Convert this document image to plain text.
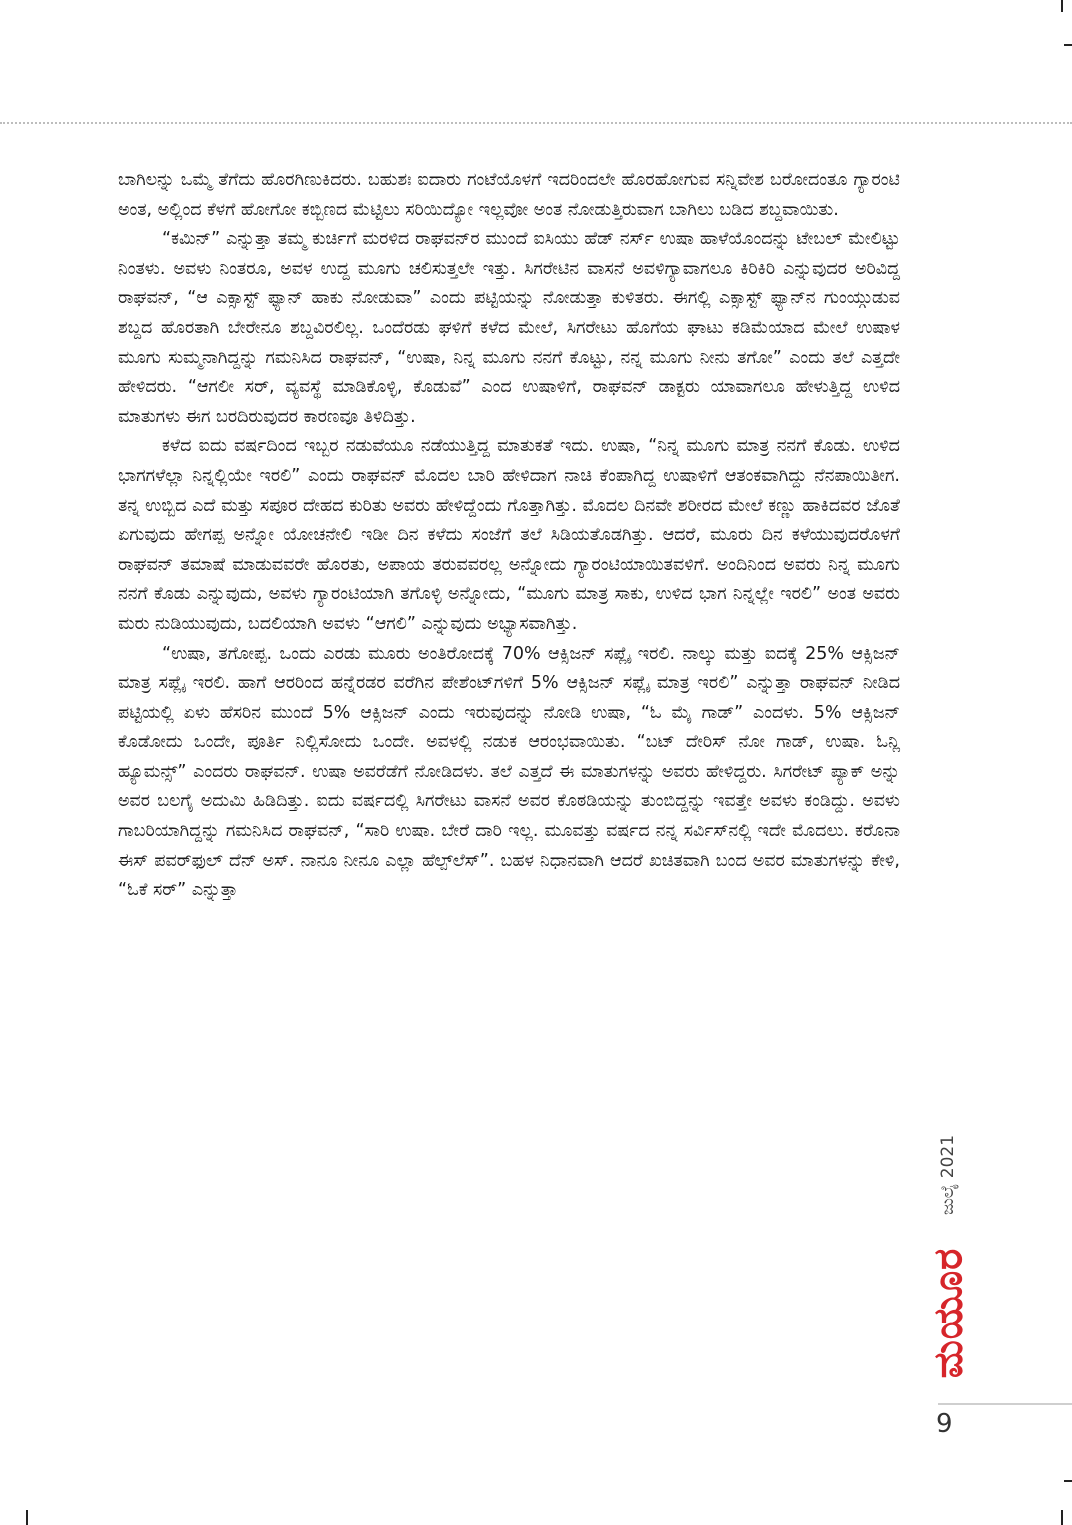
ಬಾಗಿಲನ್ನು ಒಮ್ಮೆ ತೆಗೆದು ಹೊರಗಿಣುಕಿದರು. ಬಹುಶಃ ಐದಾರು ಗಂಟೆಯೊಳಗೆ ಇದರಿಂದಲೇ ಹೊರಹೋಗುವ ಸನ್ನಿವೇಶ ಬರೋದಂತೂ ಗ್ಯಾರಂಟಿ ಅಂತ, ಅಲ್ಲಿಂದ ಕೆಳಗೆ ಹೋಗೋ ಕಬ್ಬಿಣದ ಮೆಟ್ಟಿಲು ಸರಿಯಿದ್ಯೋ ಇಲ್ಲವೋ ಅಂತ ನೋಡುತ್ತಿರುವಾಗ ಬಾಗಿಲು ಬಡಿದ ಶಬ್ದವಾಯಿತು.

“ಕಮಿನ್” ಎನ್ನುತ್ತಾ ತಮ್ಮ ಕುರ್ಚಿಗೆ ಮರಳಿದ ರಾಘವನ್‌ರ ಮುಂದೆ ಐಸಿಯು ಹೆಡ್ ನರ್ಸ್ ಉಷಾ ಹಾಳೆಯೊಂದನ್ನು ಟೇಬಲ್ ಮೇಲಿಟ್ಟು ನಿಂತಳು. ಅವಳು ನಿಂತರೂ, ಅವಳ ಉದ್ದ ಮೂಗು ಚಲಿಸುತ್ತಲೇ ಇತ್ತು. ಸಿಗರೇಟಿನ ವಾಸನೆ ಅವಳಿಗ್ಯಾವಾಗಲೂ ಕಿರಿಕಿರಿ ಎನ್ನುವುದರ ಅರಿವಿದ್ದ ರಾಘವನ್, “ಆ ಎಕ್ಸಾಸ್ಟ್ ಫ್ಯಾನ್ ಹಾಕು ನೋಡುವಾ” ಎಂದು ಪಟ್ಟಿಯನ್ನು ನೋಡುತ್ತಾ ಕುಳಿತರು. ಈಗಲ್ಲಿ ಎಕ್ಸಾಸ್ಟ್ ಫ್ಯಾನ್‌ನ ಗುಂಯ್ಗುಡುವ ಶಬ್ದದ ಹೊರತಾಗಿ ಬೇರೇನೂ ಶಬ್ದವಿರಲಿಲ್ಲ. ಒಂದೆರಡು ಘಳಿಗೆ ಕಳೆದ ಮೇಲೆ, ಸಿಗರೇಟು ಹೊಗೆಯ ಘಾಟು ಕಡಿಮೆಯಾದ ಮೇಲೆ ಉಷಾಳ ಮೂಗು ಸುಮ್ಮನಾಗಿದ್ದನ್ನು ಗಮನಿಸಿದ ರಾಘವನ್, “ಉಷಾ, ನಿನ್ನ ಮೂಗು ನನಗೆ ಕೊಟ್ಟು, ನನ್ನ ಮೂಗು ನೀನು ತಗೋ” ಎಂದು ತಲೆ ಎತ್ತದೇ ಹೇಳಿದರು. “ಆಗಲೀ ಸರ್, ವ್ಯವಸ್ಥೆ ಮಾಡಿಕೊಳ್ಳಿ, ಕೊಡುವೆ” ಎಂದ ಉಷಾಳಿಗೆ, ರಾಘವನ್ ಡಾಕ್ಟರು ಯಾವಾಗಲೂ ಹೇಳುತ್ತಿದ್ದ ಉಳಿದ ಮಾತುಗಳು ಈಗ ಬರದಿರುವುದರ ಕಾರಣವೂ ತಿಳಿದಿತ್ತು.

ಕಳೆದ ಐದು ವರ್ಷದಿಂದ ಇಬ್ಬರ ನಡುವೆಯೂ ನಡೆಯುತ್ತಿದ್ದ ಮಾತುಕತೆ ಇದು. ಉಷಾ, “ನಿನ್ನ ಮೂಗು ಮಾತ್ರ ನನಗೆ ಕೊಡು. ಉಳಿದ ಭಾಗಗಳೆಲ್ಲಾ ನಿನ್ನಲ್ಲಿಯೇ ಇರಲಿ” ಎಂದು ರಾಘವನ್ ಮೊದಲ ಬಾರಿ ಹೇಳಿದಾಗ ನಾಚಿ ಕೆಂಪಾಗಿದ್ದ ಉಷಾಳಿಗೆ ಆತಂಕವಾಗಿದ್ದು ನೆನಪಾಯಿತೀಗ. ತನ್ನ ಉಬ್ಬಿದ ಎದೆ ಮತ್ತು ಸಪೂರ ದೇಹದ ಕುರಿತು ಅವರು ಹೇಳಿದ್ದೆಂದು ಗೊತ್ತಾಗಿತ್ತು. ಮೊದಲ ದಿನವೇ ಶರೀರದ ಮೇಲೆ ಕಣ್ಣು ಹಾಕಿದವರ ಜೊತೆ ಏಗುವುದು ಹೇಗಪ್ಪ ಅನ್ನೋ ಯೋಚನೇಲಿ ಇಡೀ ದಿನ ಕಳೆದು ಸಂಜೆಗೆ ತಲೆ ಸಿಡಿಯತೊಡಗಿತ್ತು. ಆದರೆ, ಮೂರು ದಿನ ಕಳೆಯುವುದರೊಳಗೆ ರಾಘವನ್ ತಮಾಷೆ ಮಾಡುವವರೇ ಹೊರತು, ಅಪಾಯ ತರುವವರಲ್ಲ ಅನ್ನೋದು ಗ್ಯಾರಂಟಿಯಾಯಿತವಳಿಗೆ. ಅಂದಿನಿಂದ ಅವರು ನಿನ್ನ ಮೂಗು ನನಗೆ ಕೊಡು ಎನ್ನುವುದು, ಅವಳು ಗ್ಯಾರಂಟಿಯಾಗಿ ತಗೊಳ್ಳಿ ಅನ್ನೋದು, “ಮೂಗು ಮಾತ್ರ ಸಾಕು, ಉಳಿದ ಭಾಗ ನಿನ್ನಲ್ಲೇ ಇರಲಿ” ಅಂತ ಅವರು ಮರು ನುಡಿಯುವುದು, ಬದಲಿಯಾಗಿ ಅವಳು “ಆಗಲಿ” ಎನ್ನುವುದು ಅಭ್ಯಾಸವಾಗಿತ್ತು.

“ಉಷಾ, ತಗೋಪ್ಪ. ಒಂದು ಎರಡು ಮೂರು ಅಂತಿರೋದಕ್ಕೆ 70% ಆಕ್ಸಿಜನ್ ಸಪ್ಲೈ ಇರಲಿ. ನಾಲ್ಕು ಮತ್ತು ಐದಕ್ಕೆ 25% ಆಕ್ಸಿಜನ್ ಮಾತ್ರ ಸಪ್ಲೈ ಇರಲಿ. ಹಾಗೆ ಆರರಿಂದ ಹನ್ನೆರಡರ ವರೆಗಿನ ಪೇಶೆಂಟ್‌ಗಳಿಗೆ 5% ಆಕ್ಸಿಜನ್ ಸಪ್ಲೈ ಮಾತ್ರ ಇರಲಿ” ಎನ್ನುತ್ತಾ ರಾಘವನ್ ನೀಡಿದ ಪಟ್ಟಿಯಲ್ಲಿ ಏಳು ಹೆಸರಿನ ಮುಂದೆ 5% ಆಕ್ಸಿಜನ್ ಎಂದು ಇರುವುದನ್ನು ನೋಡಿ ಉಷಾ, “ಓ ಮೈ ಗಾಡ್” ಎಂದಳು. 5% ಆಕ್ಸಿಜನ್ ಕೊಡೋದು ಒಂದೇ, ಪೂರ್ತಿ ನಿಲ್ಲಿಸೋದು ಒಂದೇ. ಅವಳಲ್ಲಿ ನಡುಕ ಆರಂಭವಾಯಿತು. “ಬಟ್ ದೇರಿಸ್ ನೋ ಗಾಡ್, ಉಷಾ. ಓನ್ಲಿ ಹ್ಯೂಮನ್ಸ್” ಎಂದರು ರಾಘವನ್. ಉಷಾ ಅವರೆಡೆಗೆ ನೋಡಿದಳು. ತಲೆ ಎತ್ತದೆ ಈ ಮಾತುಗಳನ್ನು ಅವರು ಹೇಳಿದ್ದರು. ಸಿಗರೇಟ್ ಪ್ಯಾಕ್ ಅನ್ನು ಅವರ ಬಲಗೈ ಅದುಮಿ ಹಿಡಿದಿತ್ತು. ಐದು ವರ್ಷದಲ್ಲಿ ಸಿಗರೇಟು ವಾಸನೆ ಅವರ ಕೊಠಡಿಯನ್ನು ತುಂಬಿದ್ದನ್ನು ಇವತ್ತೇ ಅವಳು ಕಂಡಿದ್ದು. ಅವಳು ಗಾಬರಿಯಾಗಿದ್ದನ್ನು ಗಮನಿಸಿದ ರಾಘವನ್, “ಸಾರಿ ಉಷಾ. ಬೇರೆ ದಾರಿ ಇಲ್ಲ. ಮೂವತ್ತು ವರ್ಷದ ನನ್ನ ಸರ್ವಿಸ್‌ನಲ್ಲಿ ಇದೇ ಮೊದಲು. ಕರೊನಾ ಈಸ್ ಪವರ್‌ಫುಲ್ ದೆನ್ ಅಸ್. ನಾನೂ ನೀನೂ ಎಲ್ಲಾ ಹೆಲ್ಪ್‌ಲೆಸ್”. ಬಹಳ ನಿಧಾನವಾಗಿ ಆದರೆ ಖಚಿತವಾಗಿ ಬಂದ ಅವರ ಮಾತುಗಳನ್ನು ಕೇಳಿ, “ಓಕೆ ಸರ್” ಎನ್ನುತ್ತಾ

ಜುಲೈ 2021
ಮಯೂರ
9
